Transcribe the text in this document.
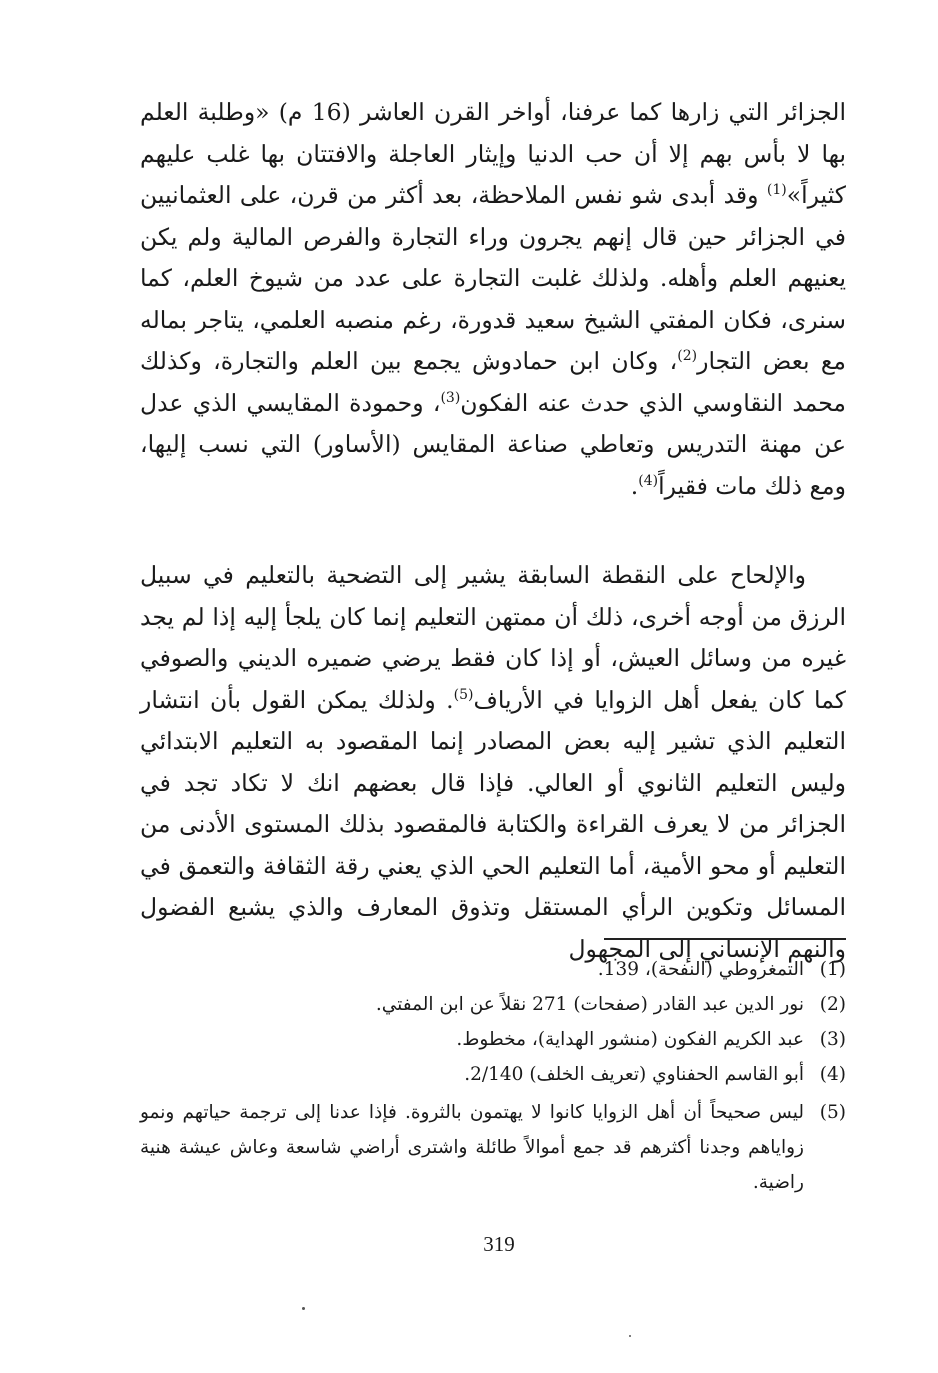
الجزائر التي زارها كما عرفنا، أواخر القرن العاشر (16 م) «وطلبة العلم بها لا بأس بهم إلا أن حب الدنيا وإيثار العاجلة والافتتان بها غلب عليهم كثيراً»$^{(1)}$ وقد أبدى شو نفس الملاحظة، بعد أكثر من قرن، على العثمانيين في الجزائر حين قال إنهم يجرون وراء التجارة والفرص المالية ولم يكن يعنيهم العلم وأهله. ولذلك غلبت التجارة على عدد من شيوخ العلم، كما سنرى، فكان المفتي الشيخ سعيد قدورة، رغم منصبه العلمي، يتاجر بماله مع بعض التجار$^{(2)}$، وكان ابن حمادوش يجمع بين العلم والتجارة، وكذلك محمد النقاوسي الذي حدث عنه الفكون$^{(3)}$، وحمودة المقايسي الذي عدل عن مهنة التدريس وتعاطي صناعة المقايس (الأساور) التي نسب إليها، ومع ذلك مات فقيراً$^{(4)}$.
والإلحاح على النقطة السابقة يشير إلى التضحية بالتعليم في سبيل الرزق من أوجه أخرى، ذلك أن ممتهن التعليم إنما كان يلجأ إليه إذا لم يجد غيره من وسائل العيش، أو إذا كان فقط يرضي ضميره الديني والصوفي كما كان يفعل أهل الزوايا في الأرياف$^{(5)}$. ولذلك يمكن القول بأن انتشار التعليم الذي تشير إليه بعض المصادر إنما المقصود به التعليم الابتدائي وليس التعليم الثانوي أو العالي. فإذا قال بعضهم انك لا تكاد تجد في الجزائر من لا يعرف القراءة والكتابة فالمقصود بذلك المستوى الأدنى من التعليم أو محو الأمية، أما التعليم الحي الذي يعني رقة الثقافة والتعمق في المسائل وتكوين الرأي المستقل وتذوق المعارف والذي يشبع الفضول والنهم الإنساني إلى المجهول
(1)
التمغروطي (النفحة)، 139.
(2)
نور الدين عبد القادر (صفحات) 271 نقلاً عن ابن المفتي.
(3)
عبد الكريم الفكون (منشور الهداية)، مخطوط.
(4)
أبو القاسم الحفناوي (تعريف الخلف) 2/140.
(5)
ليس صحيحاً أن أهل الزوايا كانوا لا يهتمون بالثروة. فإذا عدنا إلى ترجمة حياتهم ونمو زواياهم وجدنا أكثرهم قد جمع أموالاً طائلة واشترى أراضي شاسعة وعاش عيشة هنية راضية.
319
